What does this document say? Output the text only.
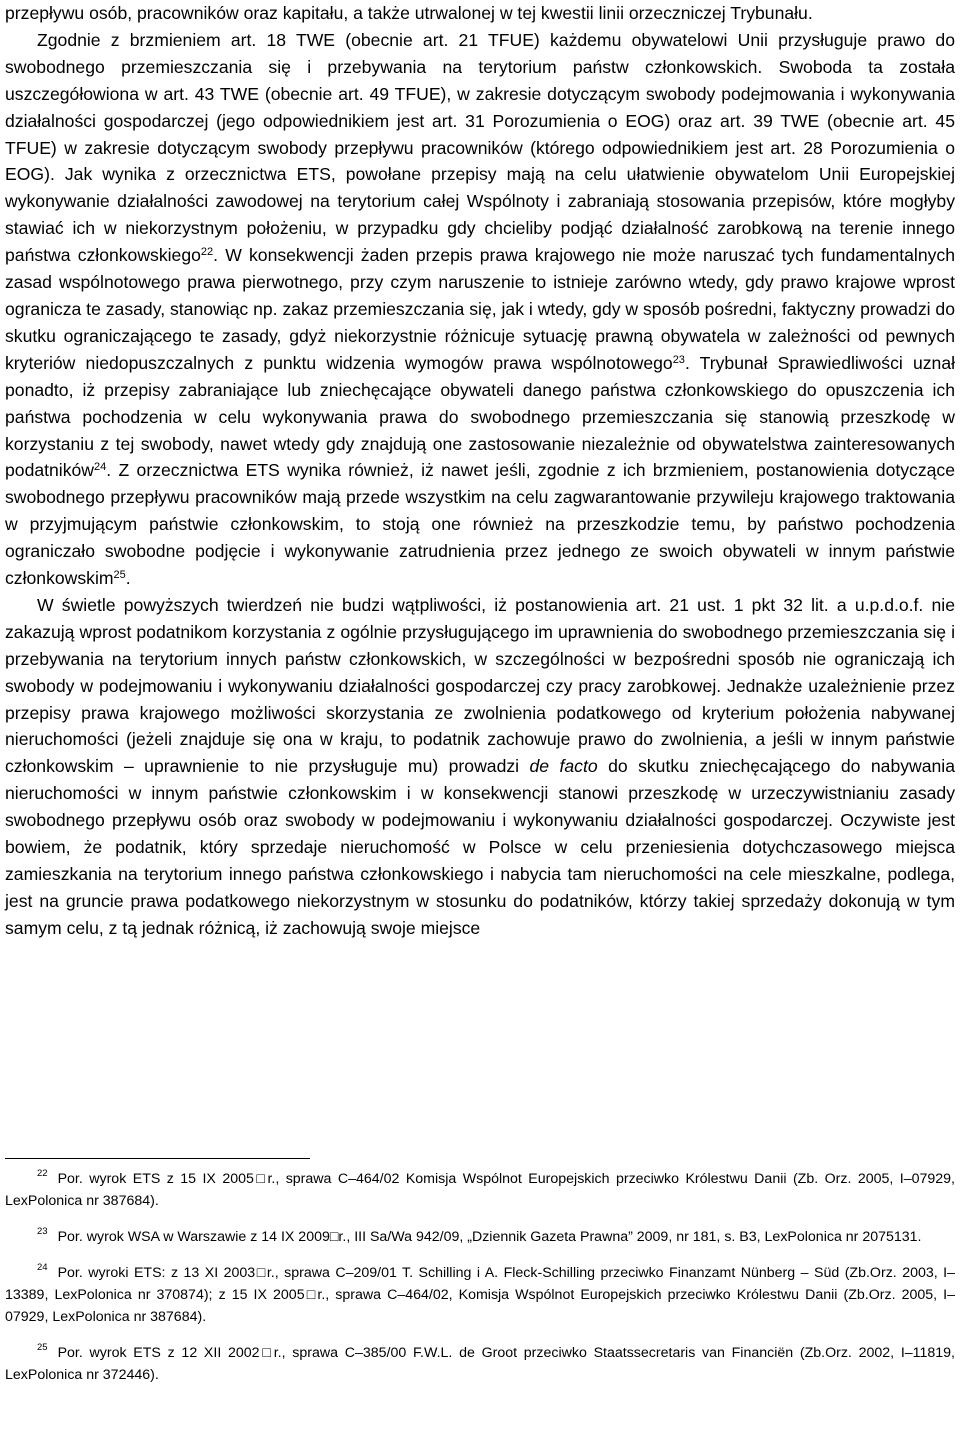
przepływu osób, pracowników oraz kapitału, a także utrwalonej w tej kwestii linii orzeczniczej Trybunału.

Zgodnie z brzmieniem art. 18 TWE (obecnie art. 21 TFUE) każdemu obywatelowi Unii przysługuje prawo do swobodnego przemieszczania się i przebywania na terytorium państw członkowskich. Swoboda ta została uszczegółowiona w art. 43 TWE (obecnie art. 49 TFUE), w zakresie dotyczącym swobody podejmowania i wykonywania działalności gospodarczej (jego odpowiednikiem jest art. 31 Porozumienia o EOG) oraz art. 39 TWE (obecnie art. 45 TFUE) w zakresie dotyczącym swobody przepływu pracowników (którego odpowiednikiem jest art. 28 Porozumienia o EOG). Jak wynika z orzecznictwa ETS, powołane przepisy mają na celu ułatwienie obywatelom Unii Europejskiej wykonywanie działalności zawodowej na terytorium całej Wspólnoty i zabraniają stosowania przepisów, które mogłyby stawiać ich w niekorzystnym położeniu, w przypadku gdy chcieliby podjąć działalność zarobkową na terenie innego państwa członkowskiego$^{22}$. W konsekwencji żaden przepis prawa krajowego nie może naruszać tych fundamentalnych zasad wspólnotowego prawa pierwotnego, przy czym naruszenie to istnieje zarówno wtedy, gdy prawo krajowe wprost ogranicza te zasady, stanowiąc np. zakaz przemieszczania się, jak i wtedy, gdy w sposób pośredni, faktyczny prowadzi do skutku ograniczającego te zasady, gdyż niekorzystnie różnicuje sytuację prawną obywatela w zależności od pewnych kryteriów niedopuszczalnych z punktu widzenia wymogów prawa wspólnotowego$^{23}$. Trybunał Sprawiedliwości uznał ponadto, iż przepisy zabraniające lub zniechęcające obywateli danego państwa członkowskiego do opuszczenia ich państwa pochodzenia w celu wykonywania prawa do swobodnego przemieszczania się stanowią przeszkodę w korzystaniu z tej swobody, nawet wtedy gdy znajdują one zastosowanie niezależnie od obywatelstwa zainteresowanych podatników$^{24}$. Z orzecznictwa ETS wynika również, iż nawet jeśli, zgodnie z ich brzmieniem, postanowienia dotyczące swobodnego przepływu pracowników mają przede wszystkim na celu zagwarantowanie przywileju krajowego traktowania w przyjmującym państwie członkowskim, to stoją one również na przeszkodzie temu, by państwo pochodzenia ograniczało swobodne podjęcie i wykonywanie zatrudnienia przez jednego ze swoich obywateli w innym państwie członkowskim$^{25}$.

W świetle powyższych twierdzeń nie budzi wątpliwości, iż postanowienia art. 21 ust. 1 pkt 32 lit. a u.p.d.o.f. nie zakazują wprost podatnikom korzystania z ogólnie przysługującego im uprawnienia do swobodnego przemieszczania się i przebywania na terytorium innych państw członkowskich, w szczególności w bezpośredni sposób nie ograniczają ich swobody w podejmowaniu i wykonywaniu działalności gospodarczej czy pracy zarobkowej. Jednakże uzależnienie przez przepisy prawa krajowego możliwości skorzystania ze zwolnienia podatkowego od kryterium położenia nabywanej nieruchomości (jeżeli znajduje się ona w kraju, to podatnik zachowuje prawo do zwolnienia, a jeśli w innym państwie członkowskim – uprawnienie to nie przysługuje mu) prowadzi de facto do skutku zniechęcającego do nabywania nieruchomości w innym państwie członkowskim i w konsekwencji stanowi przeszkodę w urzeczywistnianiu zasady swobodnego przepływu osób oraz swobody w podejmowaniu i wykonywaniu działalności gospodarczej. Oczywiste jest bowiem, że podatnik, który sprzedaje nieruchomość w Polsce w celu przeniesienia dotychczasowego miejsca zamieszkania na terytorium innego państwa członkowskiego i nabycia tam nieruchomości na cele mieszkalne, podlega, jest na gruncie prawa podatkowego niekorzystnym w stosunku do podatników, którzy takiej sprzedaży dokonują w tym samym celu, z tą jednak różnicą, iż zachowują swoje miejsce

$^{22}$ Por. wyrok ETS z 15 IX 2005□r., sprawa C–464/02 Komisja Wspólnot Europejskich przeciwko Królestwu Danii (Zb. Orz. 2005, I–07929, LexPolonica nr 387684).

$^{23}$ Por. wyrok WSA w Warszawie z 14 IX 2009□r., III Sa/Wa 942/09, „Dziennik Gazeta Prawna” 2009, nr 181, s. B3, LexPolonica nr 2075131.

$^{24}$ Por. wyroki ETS: z 13 XI 2003□r., sprawa C–209/01 T. Schilling i A. Fleck-Schilling przeciwko Finanzamt Nünberg – Süd (Zb.Orz. 2003, I–13389, LexPolonica nr 370874); z 15 IX 2005□r., sprawa C–464/02, Komisja Wspólnot Europejskich przeciwko Królestwu Danii (Zb.Orz. 2005, I–07929, LexPolonica nr 387684).

$^{25}$ Por. wyrok ETS z 12 XII 2002□r., sprawa C–385/00 F.W.L. de Groot przeciwko Staatssecretaris van Financiën (Zb.Orz. 2002, I–11819, LexPolonica nr 372446).
